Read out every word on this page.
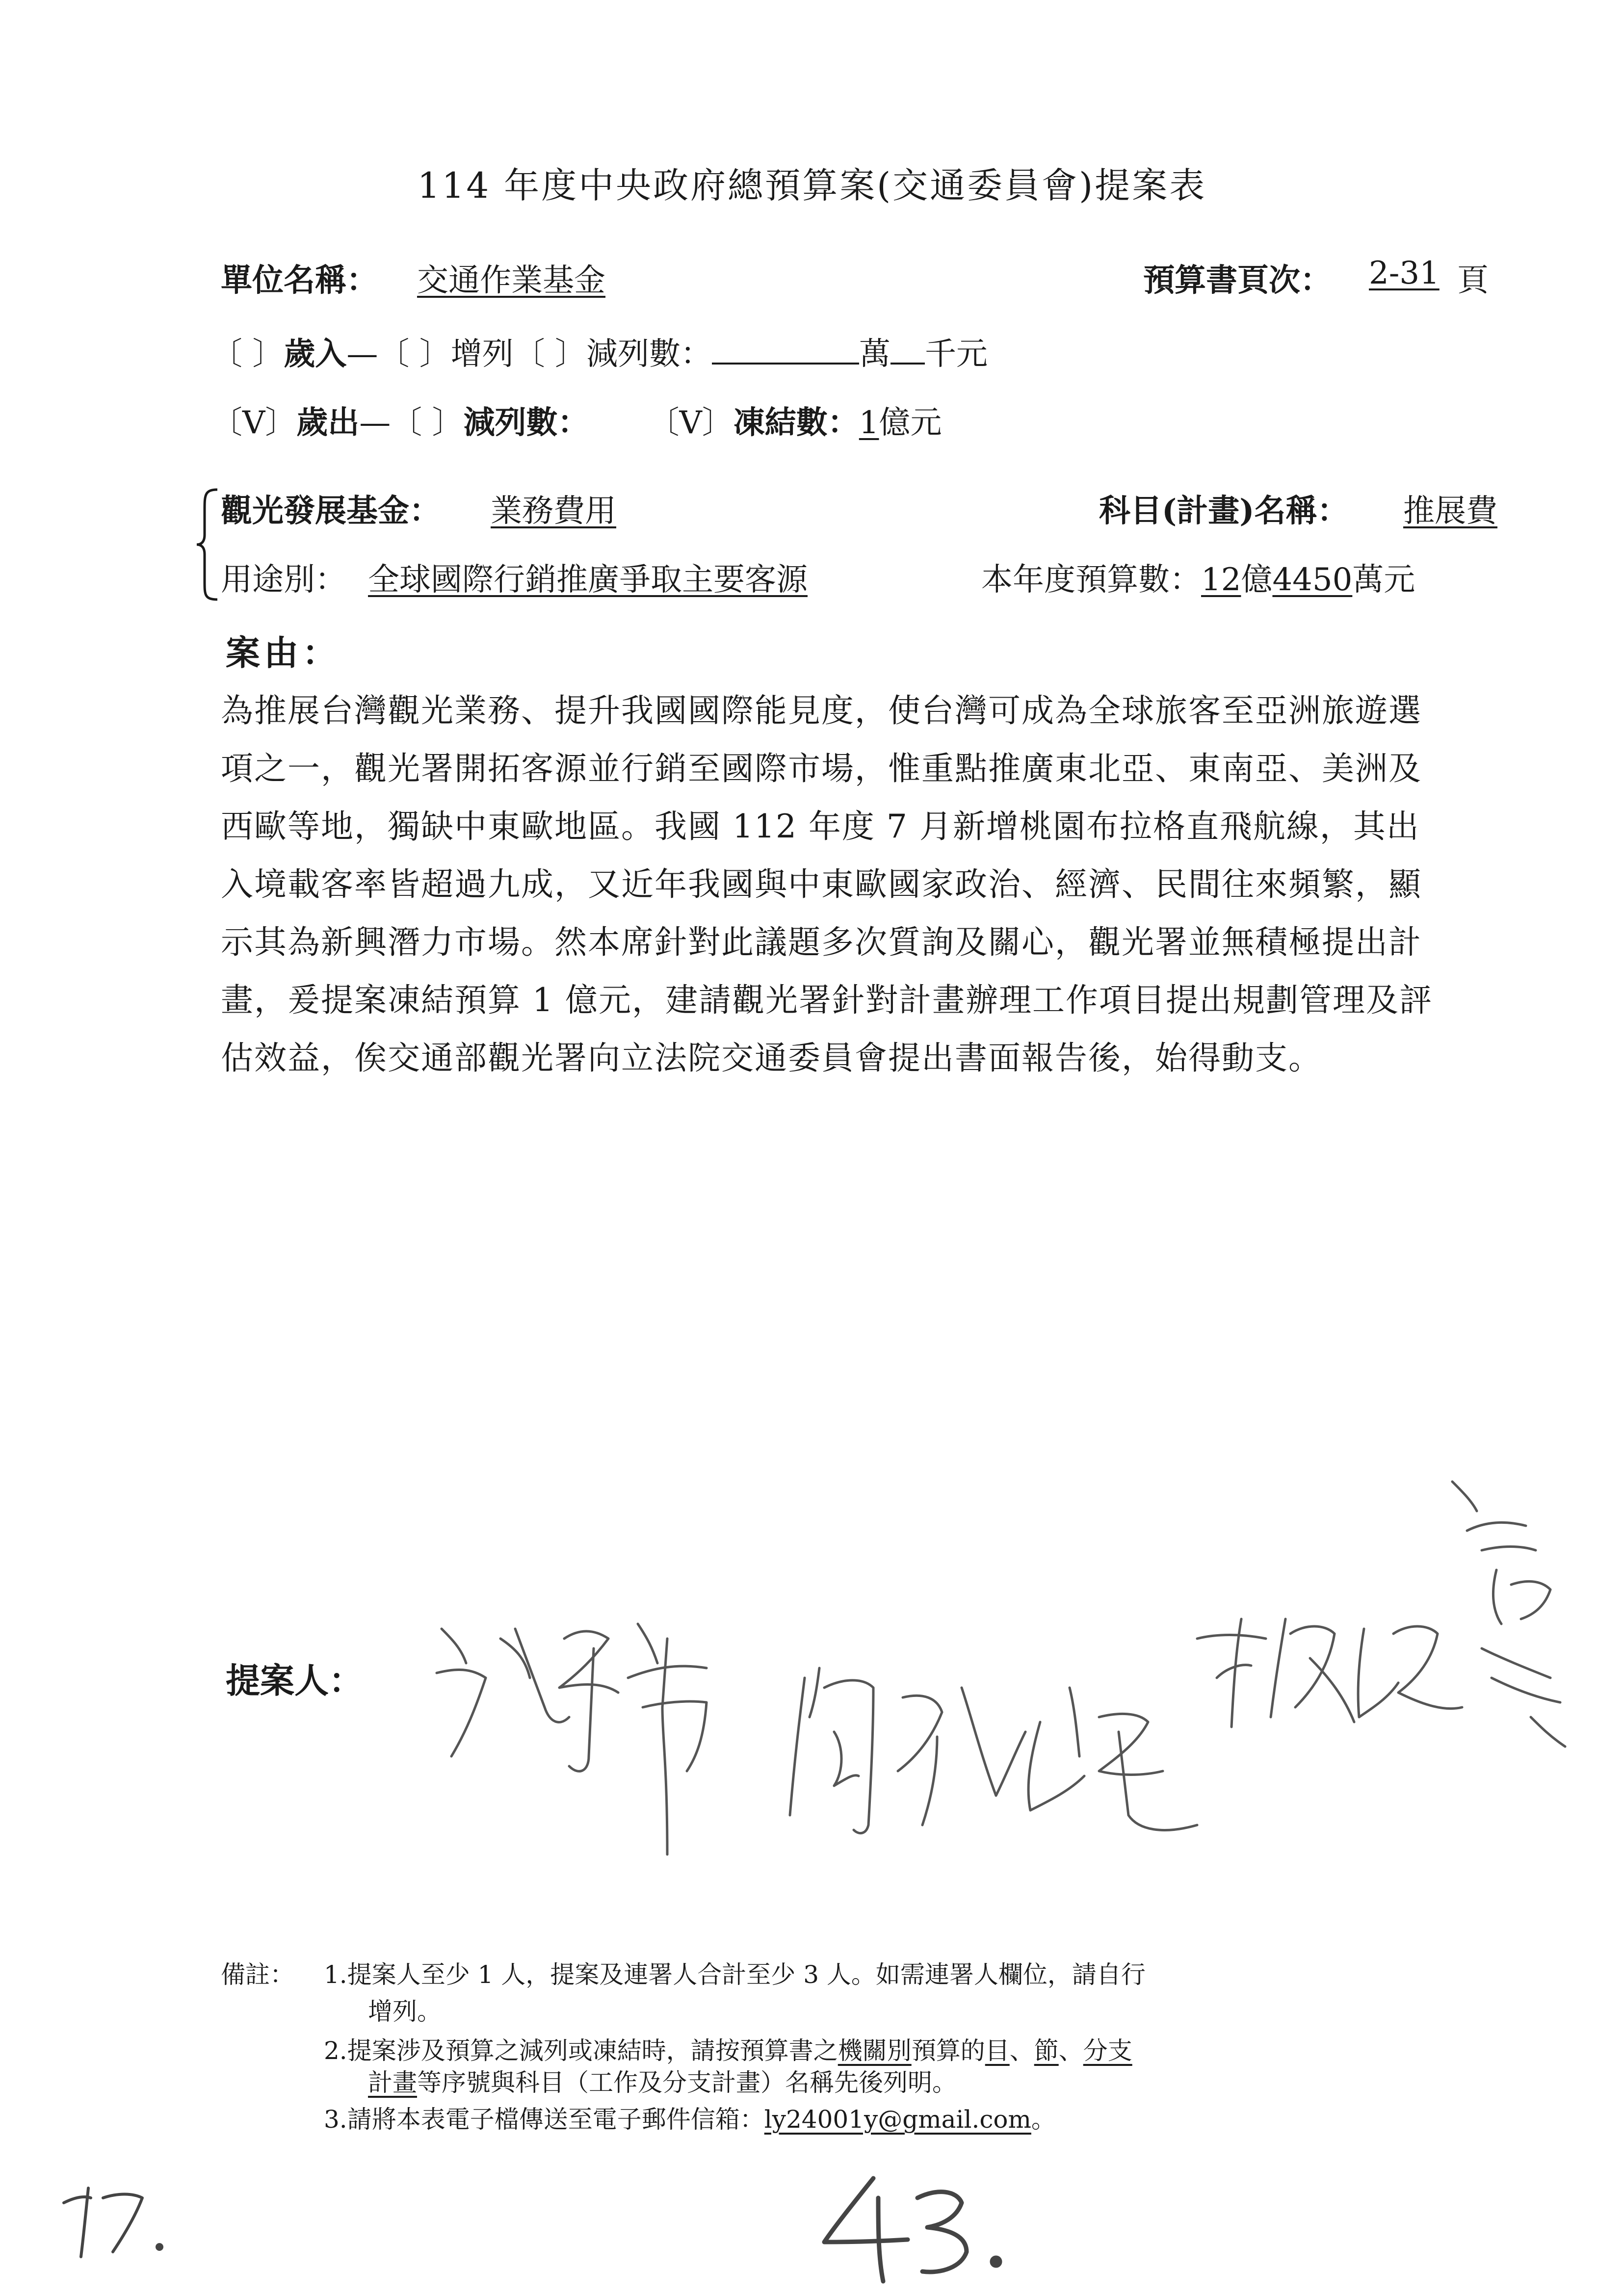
114 年度中央政府總預算案(交通委員會)提案表
單位名稱： 交通作業基金	預算書頁次： 2-31 頁
〔 〕歲入—〔 〕增列〔 〕減列數：	萬 千元
〔V〕歲出—〔 〕減列數： 〔V〕凍結數：1億元
觀光發展基金： 業務費用	科目(計畫)名稱： 推展費
用途別： 全球國際行銷推廣爭取主要客源	本年度預算數：12億4450萬元
案由：
為推展台灣觀光業務、提升我國國際能見度，使台灣可成為全球旅客至亞洲旅遊選項之一，觀光署開拓客源並行銷至國際市場，惟重點推廣東北亞、東南亞、美洲及西歐等地，獨缺中東歐地區。我國 112 年度 7 月新增桃園布拉格直飛航線，其出入境載客率皆超過九成，又近年我國與中東歐國家政治、經濟、民間往來頻繁，顯示其為新興潛力市場。然本席針對此議題多次質詢及關心，觀光署並無積極提出計畫，爰提案凍結預算 1 億元，建請觀光署針對計畫辦理工作項目提出規劃管理及評估效益，俟交通部觀光署向立法院交通委員會提出書面報告後，始得動支。
提案人：
備註： 1.提案人至少 1 人，提案及連署人合計至少 3 人。如需連署人欄位，請自行
增列。
2.提案涉及預算之減列或凍結時，請按預算書之機關別預算的目、節、分支
計畫等序號與科目（工作及分支計畫）名稱先後列明。
3.請將本表電子檔傳送至電子郵件信箱：ly24001y@gmail.com。
